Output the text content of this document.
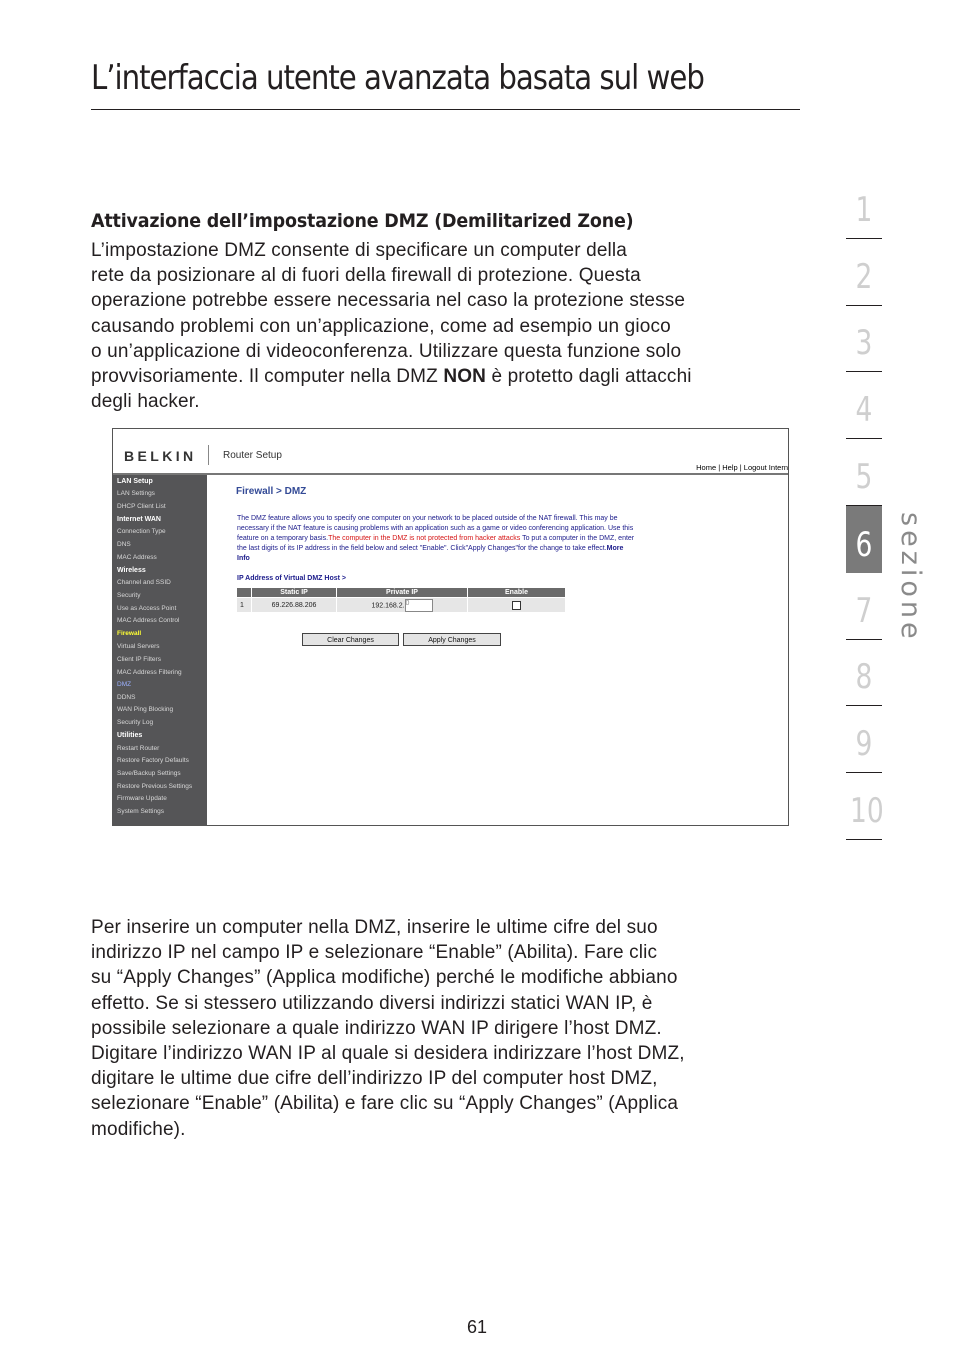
L’interfaccia utente avanzata basata sul web
Attivazione dell’impostazione DMZ (Demilitarized Zone)

L’impostazione DMZ consente di specificare un computer della
rete da posizionare al di fuori della firewall di protezione. Questa
operazione potrebbe essere necessaria nel caso la protezione stesse
causando problemi con un’applicazione, come ad esempio un gioco
o un’applicazione di videoconferenza. Utilizzare questa funzione solo
provvisoriamente. Il computer nella DMZ NON è protetto dagli attacchi
degli hacker.

BELKIN	Router Setup
Home | Help | Logout Intern
LAN Setup
LAN Settings
DHCP Client List
Internet WAN
Connection Type
DNS
MAC Address
Wireless
Channel and SSID
Security
Use as Access Point
MAC Address Control
Firewall
Virtual Servers
Client IP Filters
MAC Address Filtering
DMZ
DDNS
WAN Ping Blocking
Security Log
Utilities
Restart Router
Restore Factory Defaults
Save/Backup Settings
Restore Previous Settings
Firmware Update
System Settings
Firewall > DMZ
The DMZ feature allows you to specify one computer on your network to be placed outside of the NAT firewall. This may be necessary if the NAT feature is causing problems with an application such as a game or video conferencing application. Use this feature on a temporary basis.The computer in the DMZ is not protected from hacker attacks To put a computer in the DMZ, enter the last digits of its IP address in the field below and select "Enable". Click"Apply Changes"for the change to take effect.More Info
IP Address of Virtual DMZ Host >
	Static IP	Private IP	Enable
1	69.226.88.206	192.168.2.0	
Clear Changes	Apply Changes

Per inserire un computer nella DMZ, inserire le ultime cifre del suo
indirizzo IP nel campo IP e selezionare “Enable” (Abilita). Fare clic
su “Apply Changes” (Applica modifiche) perché le modifiche abbiano
effetto. Se si stessero utilizzando diversi indirizzi statici WAN IP, è
possibile selezionare a quale indirizzo WAN IP dirigere l’host DMZ.
Digitare l’indirizzo WAN IP al quale si desidera indirizzare l’host DMZ,
digitare le ultime due cifre dell’indirizzo IP del computer host DMZ,
selezionare “Enable” (Abilita) e fare clic su “Apply Changes” (Applica
modifiche).

1
2
3
4
5
6
7
8
9
10

sezione

61
